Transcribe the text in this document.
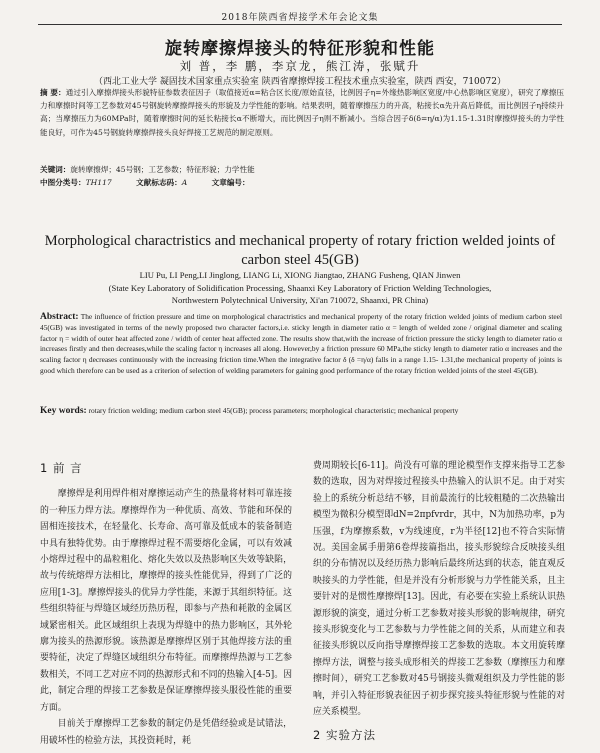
2018年陕西省焊接学术年会论文集
旋转摩擦焊接头的特征形貌和性能
刘 普，李 鹏，李京龙，熊江涛，张赋升
（西北工业大学 凝固技术国家重点实验室 陕西省摩擦焊接工程技术重点实验室，陕西 西安，710072）
摘 要：通过引入摩擦焊接头形貌特征参数表征因子（取值接近α=粘合区长度/原始直径，比例因子η=外缘热影响区宽度/中心热影响区宽度），研究了摩擦压力和摩擦时间等工艺参数对45号钢旋转摩擦焊接头的形貌及力学性能的影响。结果表明，随着摩擦压力的升高，粘接长α先升高后降低，而比例因子η持续升高；当摩擦压力为60MPa时，随着摩擦时间的延长粘接长α不断增大，而比例因子η则不断减小。当综合因子δ(δ=η/α)为1.15-1.31时摩擦焊接头的力学性能良好，可作为45号钢旋转摩擦焊接头良好焊接工艺规范的制定原则。
关键词：旋转摩擦焊；45号钢；工艺参数；特征形貌；力学性能
中图分类号：TH117	文献标志码：A	文章编号：
Morphological charactristics and mechanical property of rotary friction welded joints of carbon steel 45(GB)
LIU Pu, LI Peng,LI Jinglong, LIANG Li, XIONG Jiangtao, ZHANG Fusheng, QIAN Jinwen
(State Key Laboratory of Solidification Processing, Shaanxi Key Laboratory of Friction Welding Technologies,
Northwestern Polytechnical University, Xi'an 710072, Shaanxi, PR China)
Abstract: The influence of friction pressure and time on morphological charactristics and mechanical property of the rotary friction welded joints of medium carbon steel 45(GB) was investigated in terms of the newly proposed two character factors,i.e. sticky length in diameter ratio α = length of welded zone / original diameter and scaling factor η = width of outer heat affected zone / width of center heat affected zone. The results show that,with the increase of friction pressure the sticky length to diameter ratio α increases firstly and then decreases,while the scaling factor η increases all along. However,by a friction pressure 60 MPa,the sticky length to diameter ratio α increases and the scaling factor η decreases continuously with the increasing friction time.When the integrative factor δ (δ =η/α) falls in a range 1.15- 1.31,the mechanical property of joints is good which therefore can be used as a criterion of selection of welding parameters for gaining good performance of the rotary friction welded joints of the steel 45(GB).
Key words: rotary friction welding; medium carbon steel 45(GB); process parameters; morphological characteristic; mechanical property
1 前 言

摩擦焊是利用焊件相对摩擦运动产生的热量将材料可靠连接的一种压力焊方法。摩擦焊作为一种优质、高效、节能和环保的固相连接技术，在轻量化、长寿命、高可靠及低成本的装备制造中具有独特优势。由于摩擦焊过程不需要熔化金属，可以有效减小熔焊过程中的晶粒粗化、熔化失效以及热影响区失效等缺陷，故与传统熔焊方法相比，摩擦焊的接头性能优异，得到了广泛的应用[1-3]。摩擦焊接头的优异力学性能，来源于其组织特征。这些组织特征与焊缝区域经历热历程，即参与产热和耗散的金属区域紧密相关。此区域组织上表现为焊缝中的热力影响区，其外轮廓为接头的热源形貌。该热源是摩擦焊区别于其他焊接方法的重要特征，决定了焊缝区域组织分布特征。而摩擦焊热源与工艺参数相关，不同工艺对应不同的热源形式和不同的热输入[4-5]。因此，制定合理的焊接工艺参数是保证摩擦焊接头服役性能的重要方面。

目前关于摩擦焊工艺参数的制定仍是凭借经验或是试错法，用破坏性的检验方法，其投资耗时，耗

费周期较长[6-11]。尚没有可靠的理论模型作支撑来指导工艺参数的选取，因为对焊接过程接头中热输入的认识不足。由于对实验上的系统分析总结不够，目前最流行的比较粗糙的二次热输出模型为微积分模型即dN=2πpfvrdr，其中，N为加热功率，p为压强，f为摩擦系数，v为线速度，r为半径[12]也不符合实际情况。美国金属手册第6卷焊接篇指出，接头形貌综合反映接头组织的分布情况以及经历热力影响后最终所达到的状态，能直观反映接头的力学性能，但是并没有分析形貌与力学性能关系，且主要针对的是惯性摩擦焊[13]。因此，有必要在实验上系统认识热源形貌的演变，通过分析工艺参数对接头形貌的影响规律，研究接头形貌变化与工艺参数与力学性能之间的关系，从而建立和表征接头形貌以反向指导摩擦焊接工艺参数的选取。本文用旋转摩擦焊方法，调整与接头成形相关的焊接工艺参数（摩擦压力和摩擦时间），研究工艺参数对45号钢接头微观组织及力学性能的影响，并引入特征形貌表征因子初步探究接头特征形貌与性能的对应关系模型。

2 实验方法
